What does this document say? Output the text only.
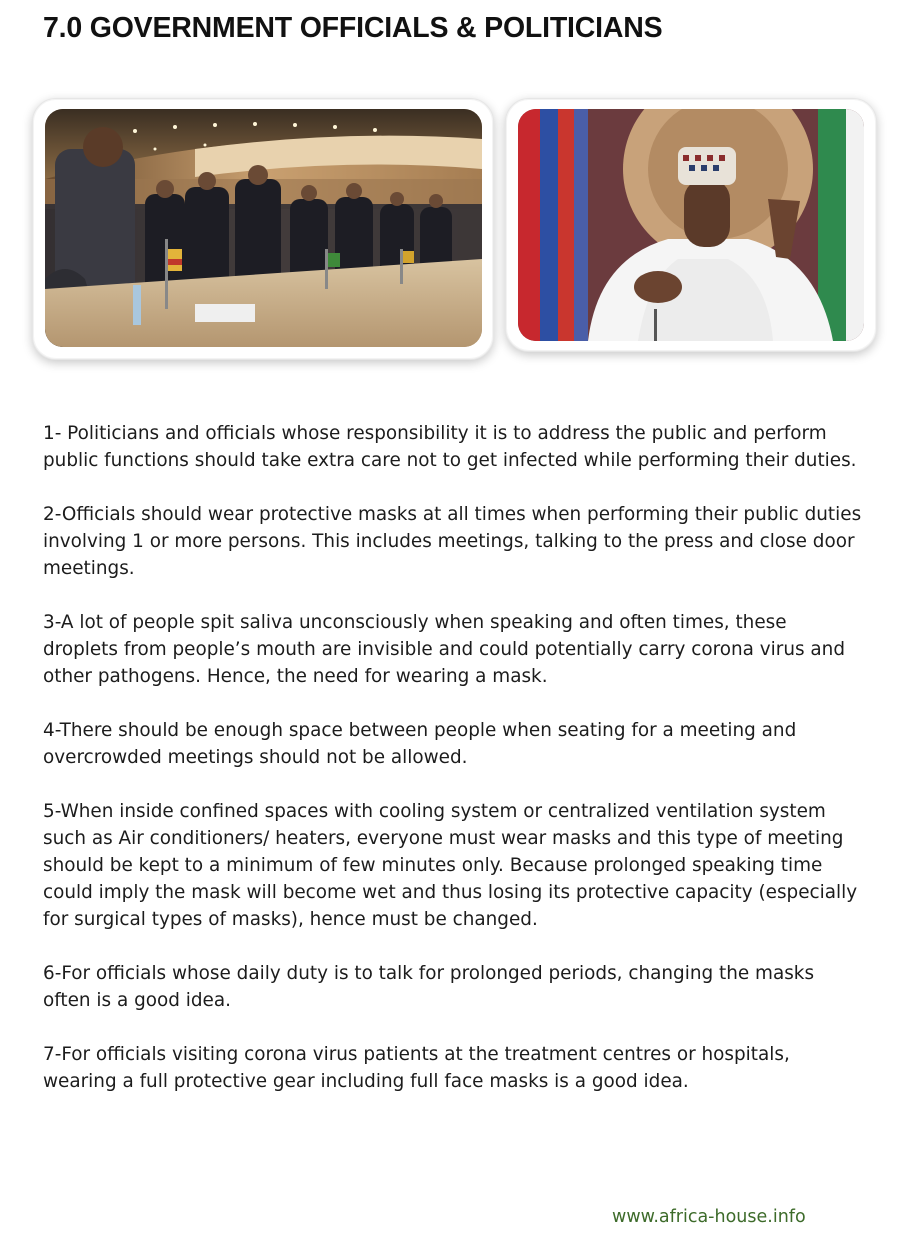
7.0 GOVERNMENT OFFICIALS & POLITICIANS

1- Politicians and officials whose responsibility it is to address the public and perform public functions should take extra care not to get infected while performing their duties.

2-Officials should wear protective masks at all times when performing their public duties involving 1 or more persons. This includes meetings, talking to the press and close door meetings.

3-A lot of people spit saliva unconsciously when speaking and often times, these droplets from people’s mouth are invisible and could potentially carry corona virus and other pathogens. Hence, the need for wearing a mask.

4-There should be enough space between people when seating for a meeting and overcrowded meetings should not be allowed.

5-When inside confined spaces with cooling system or centralized ventilation system such as Air conditioners/ heaters, everyone must wear masks and this type of meeting should be kept to a minimum of few minutes only. Because prolonged speaking time could imply the mask will become wet and thus losing its protective capacity (especially for surgical types of masks), hence must be changed.

6-For officials whose daily duty is to talk for prolonged periods, changing the masks often is a good idea.

7-For officials visiting corona virus patients at the treatment centres or hospitals, wearing a full protective gear including full face masks is a good idea.

www.africa-house.info
